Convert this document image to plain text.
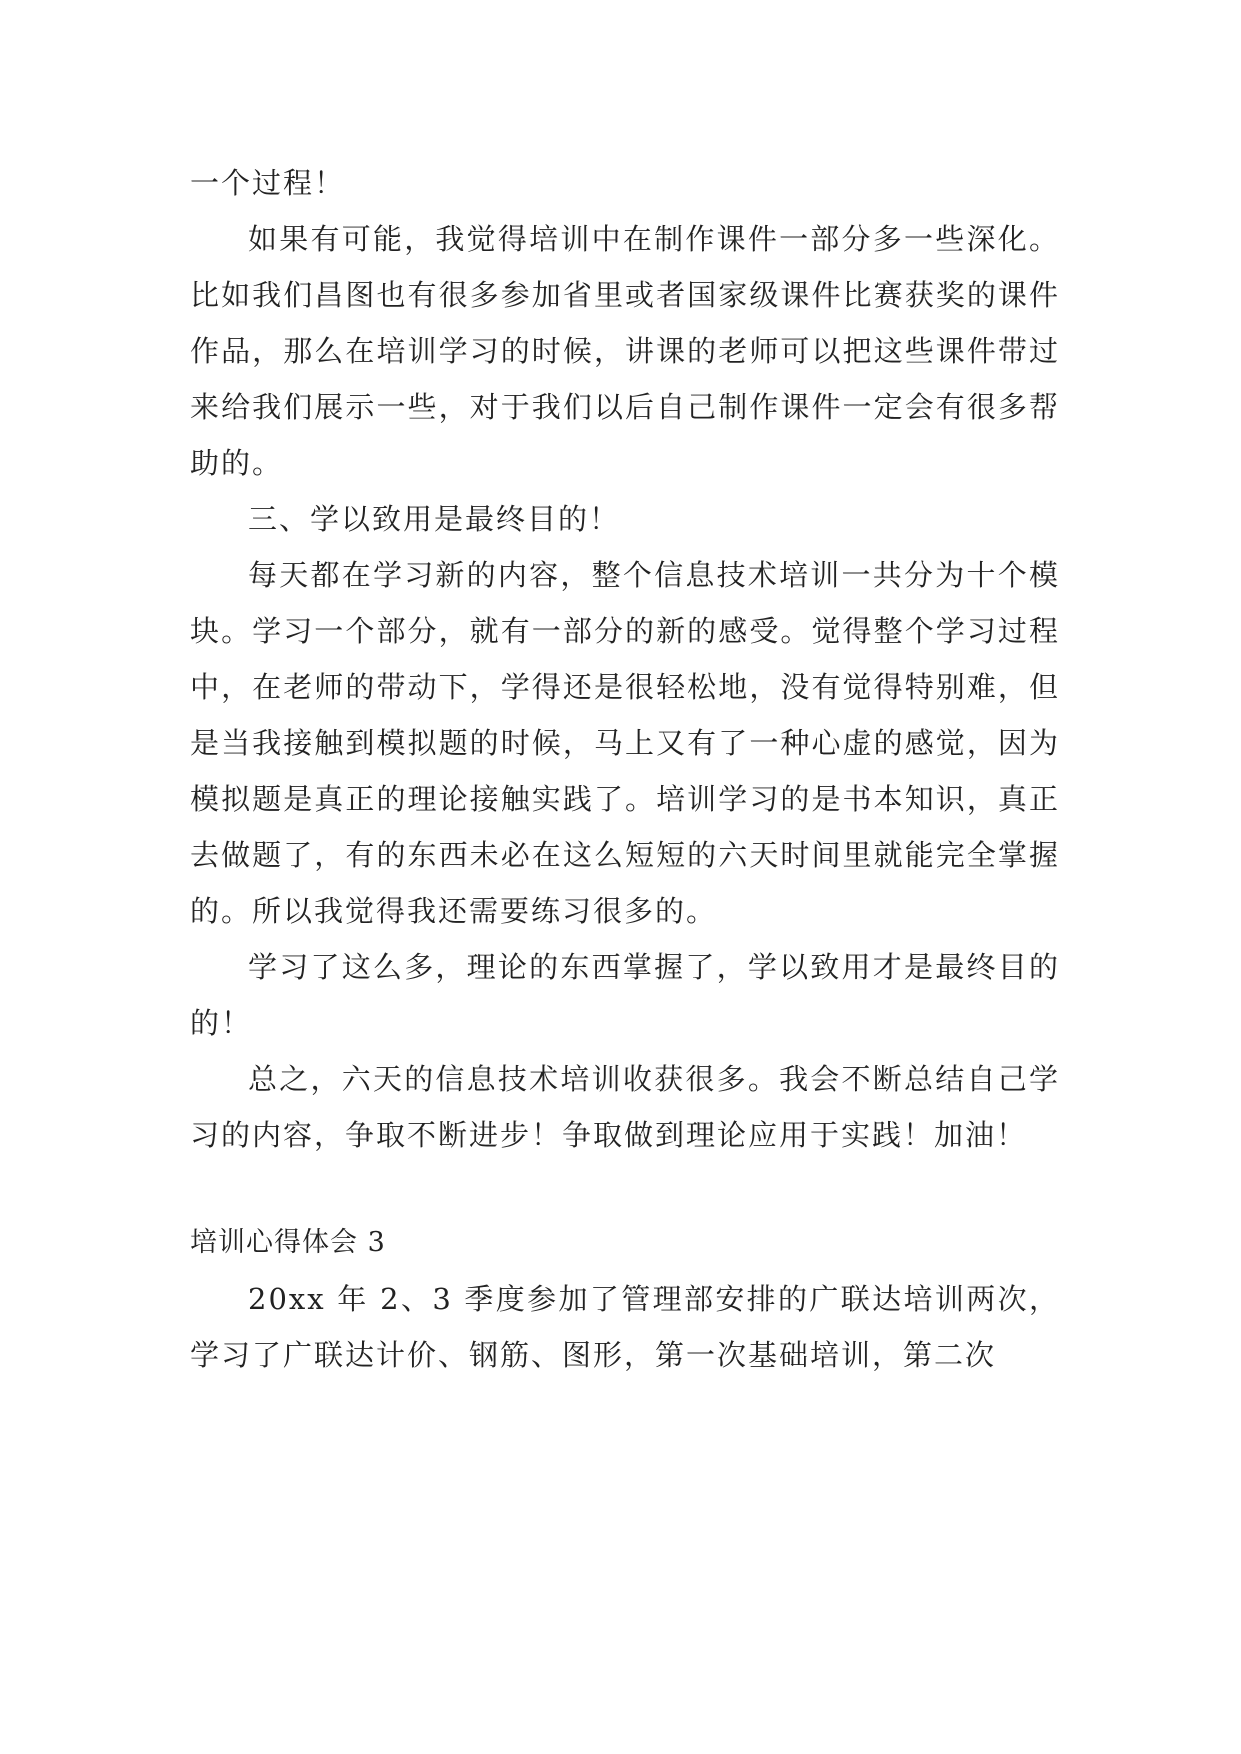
一个过程！

如果有可能，我觉得培训中在制作课件一部分多一些深化。比如我们昌图也有很多参加省里或者国家级课件比赛获奖的课件作品，那么在培训学习的时候，讲课的老师可以把这些课件带过来给我们展示一些，对于我们以后自己制作课件一定会有很多帮助的。

三、学以致用是最终目的！

每天都在学习新的内容，整个信息技术培训一共分为十个模块。学习一个部分，就有一部分的新的感受。觉得整个学习过程中，在老师的带动下，学得还是很轻松地，没有觉得特别难，但是当我接触到模拟题的时候，马上又有了一种心虚的感觉，因为模拟题是真正的理论接触实践了。培训学习的是书本知识，真正去做题了，有的东西未必在这么短短的六天时间里就能完全掌握的。所以我觉得我还需要练习很多的。

学习了这么多，理论的东西掌握了，学以致用才是最终目的的！

总之，六天的信息技术培训收获很多。我会不断总结自己学习的内容，争取不断进步！争取做到理论应用于实践！加油！

培训心得体会 3

20xx 年 2、3 季度参加了管理部安排的广联达培训两次，学习了广联达计价、钢筋、图形，第一次基础培训，第二次
